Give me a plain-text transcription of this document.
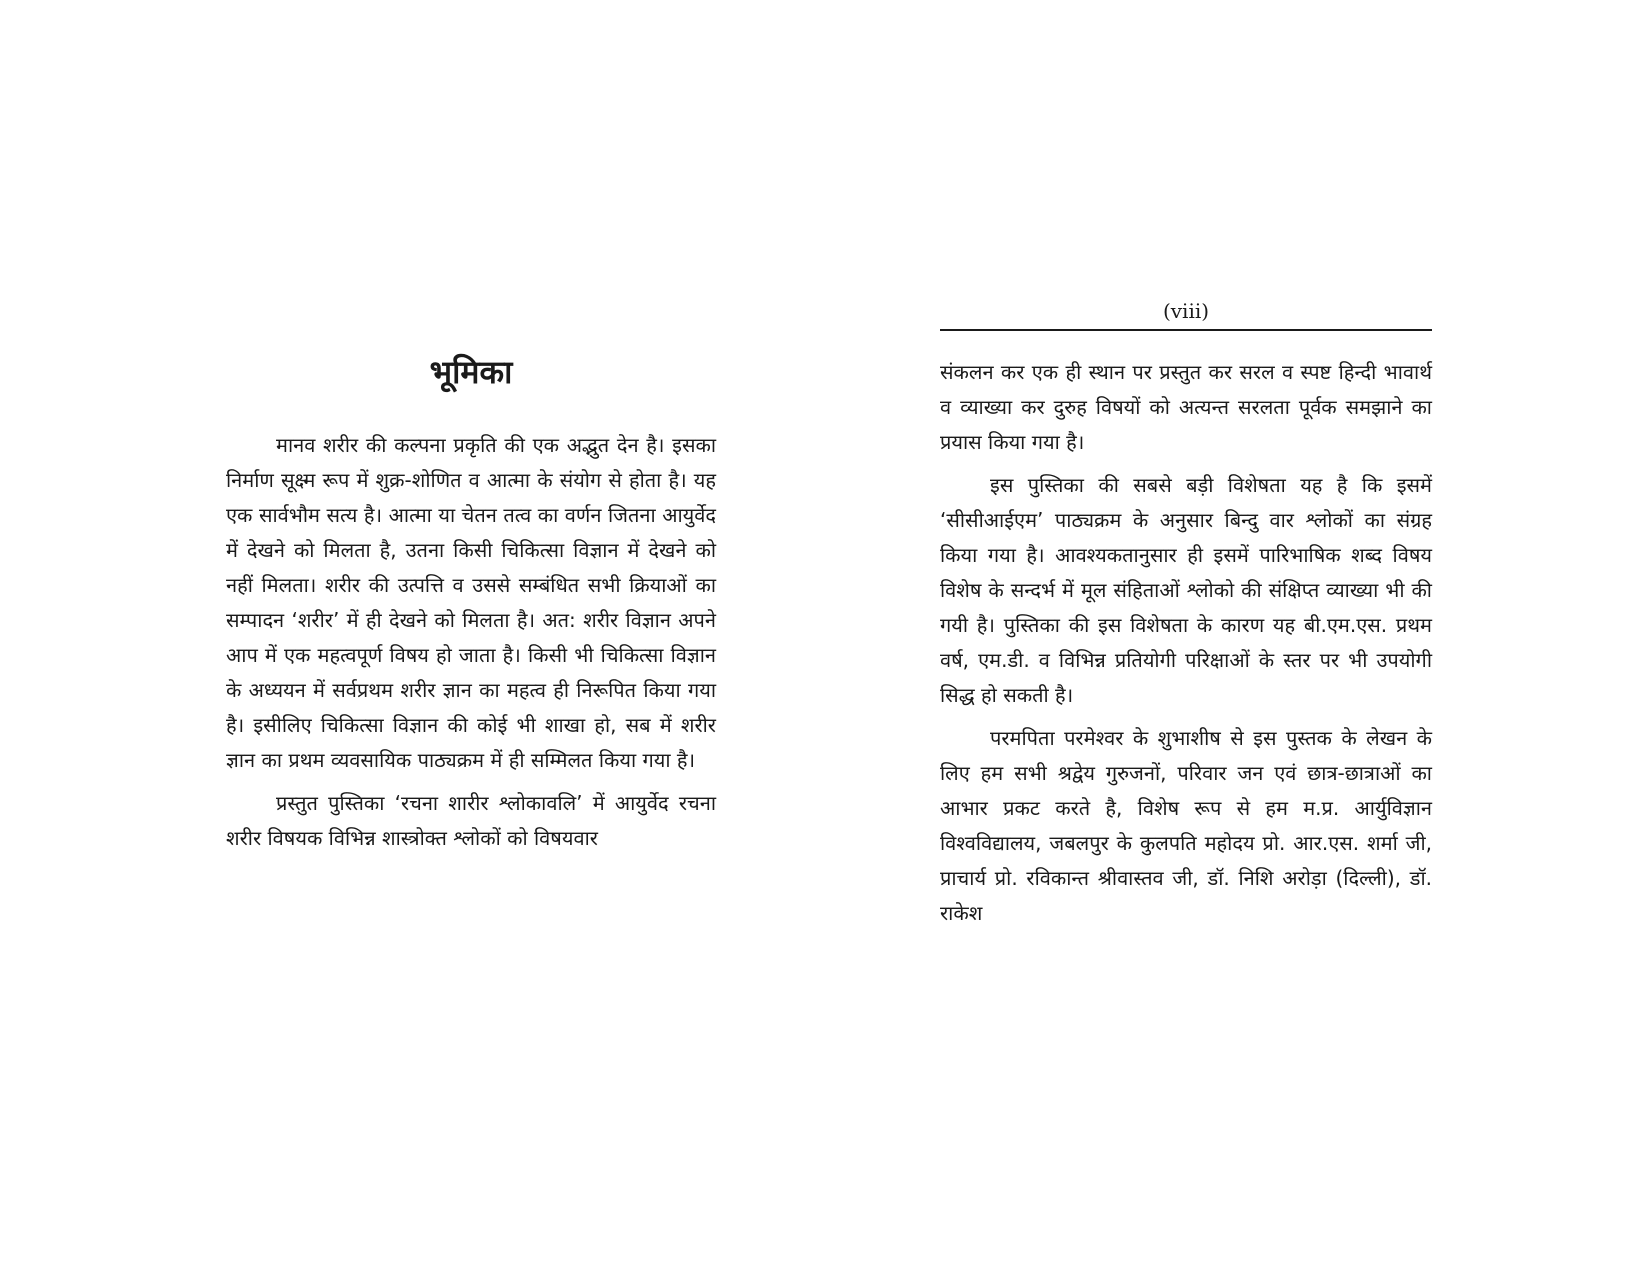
भूमिका

मानव शरीर की कल्पना प्रकृति की एक अद्भुत देन है। इसका निर्माण सूक्ष्म रूप में शुक्र-शोणित व आत्मा के संयोग से होता है। यह एक सार्वभौम सत्य है। आत्मा या चेतन तत्व का वर्णन जितना आयुर्वेद में देखने को मिलता है, उतना किसी चिकित्सा विज्ञान में देखने को नहीं मिलता। शरीर की उत्पत्ति व उससे सम्बंधित सभी क्रियाओं का सम्पादन ‘शरीर’ में ही देखने को मिलता है। अत: शरीर विज्ञान अपने आप में एक महत्वपूर्ण विषय हो जाता है। किसी भी चिकित्सा विज्ञान के अध्ययन में सर्वप्रथम शरीर ज्ञान का महत्व ही निरूपित किया गया है। इसीलिए चिकित्सा विज्ञान की कोई भी शाखा हो, सब में शरीर ज्ञान का प्रथम व्यवसायिक पाठ्यक्रम में ही सम्मिलत किया गया है।

प्रस्तुत पुस्तिका ‘रचना शारीर श्लोकावलि’ में आयुर्वेद रचना शरीर विषयक विभिन्न शास्त्रोक्त श्लोकों को विषयवार

(viii)

संकलन कर एक ही स्थान पर प्रस्तुत कर सरल व स्पष्ट हिन्दी भावार्थ व व्याख्या कर दुरुह विषयों को अत्यन्त सरलता पूर्वक समझाने का प्रयास किया गया है।

इस पुस्तिका की सबसे बड़ी विशेषता यह है कि इसमें ‘सीसीआईएम’ पाठ्यक्रम के अनुसार बिन्दु वार श्लोकों का संग्रह किया गया है। आवश्यकतानुसार ही इसमें पारिभाषिक शब्द विषय विशेष के सन्दर्भ में मूल संहिताओं श्लोको की संक्षिप्त व्याख्या भी की गयी है। पुस्तिका की इस विशेषता के कारण यह बी.एम.एस. प्रथम वर्ष, एम.डी. व विभिन्न प्रतियोगी परिक्षाओं के स्तर पर भी उपयोगी सिद्ध हो सकती है।

परमपिता परमेश्वर के शुभाशीष से इस पुस्तक के लेखन के लिए हम सभी श्रद्वेय गुरुजनों, परिवार जन एवं छात्र-छात्राओं का आभार प्रकट करते है, विशेष रूप से हम म.प्र. आर्युविज्ञान विश्वविद्यालय, जबलपुर के कुलपति महोदय प्रो. आर.एस. शर्मा जी, प्राचार्य प्रो. रविकान्त श्रीवास्तव जी, डॉ. निशि अरोड़ा (दिल्ली), डॉ. राकेश
